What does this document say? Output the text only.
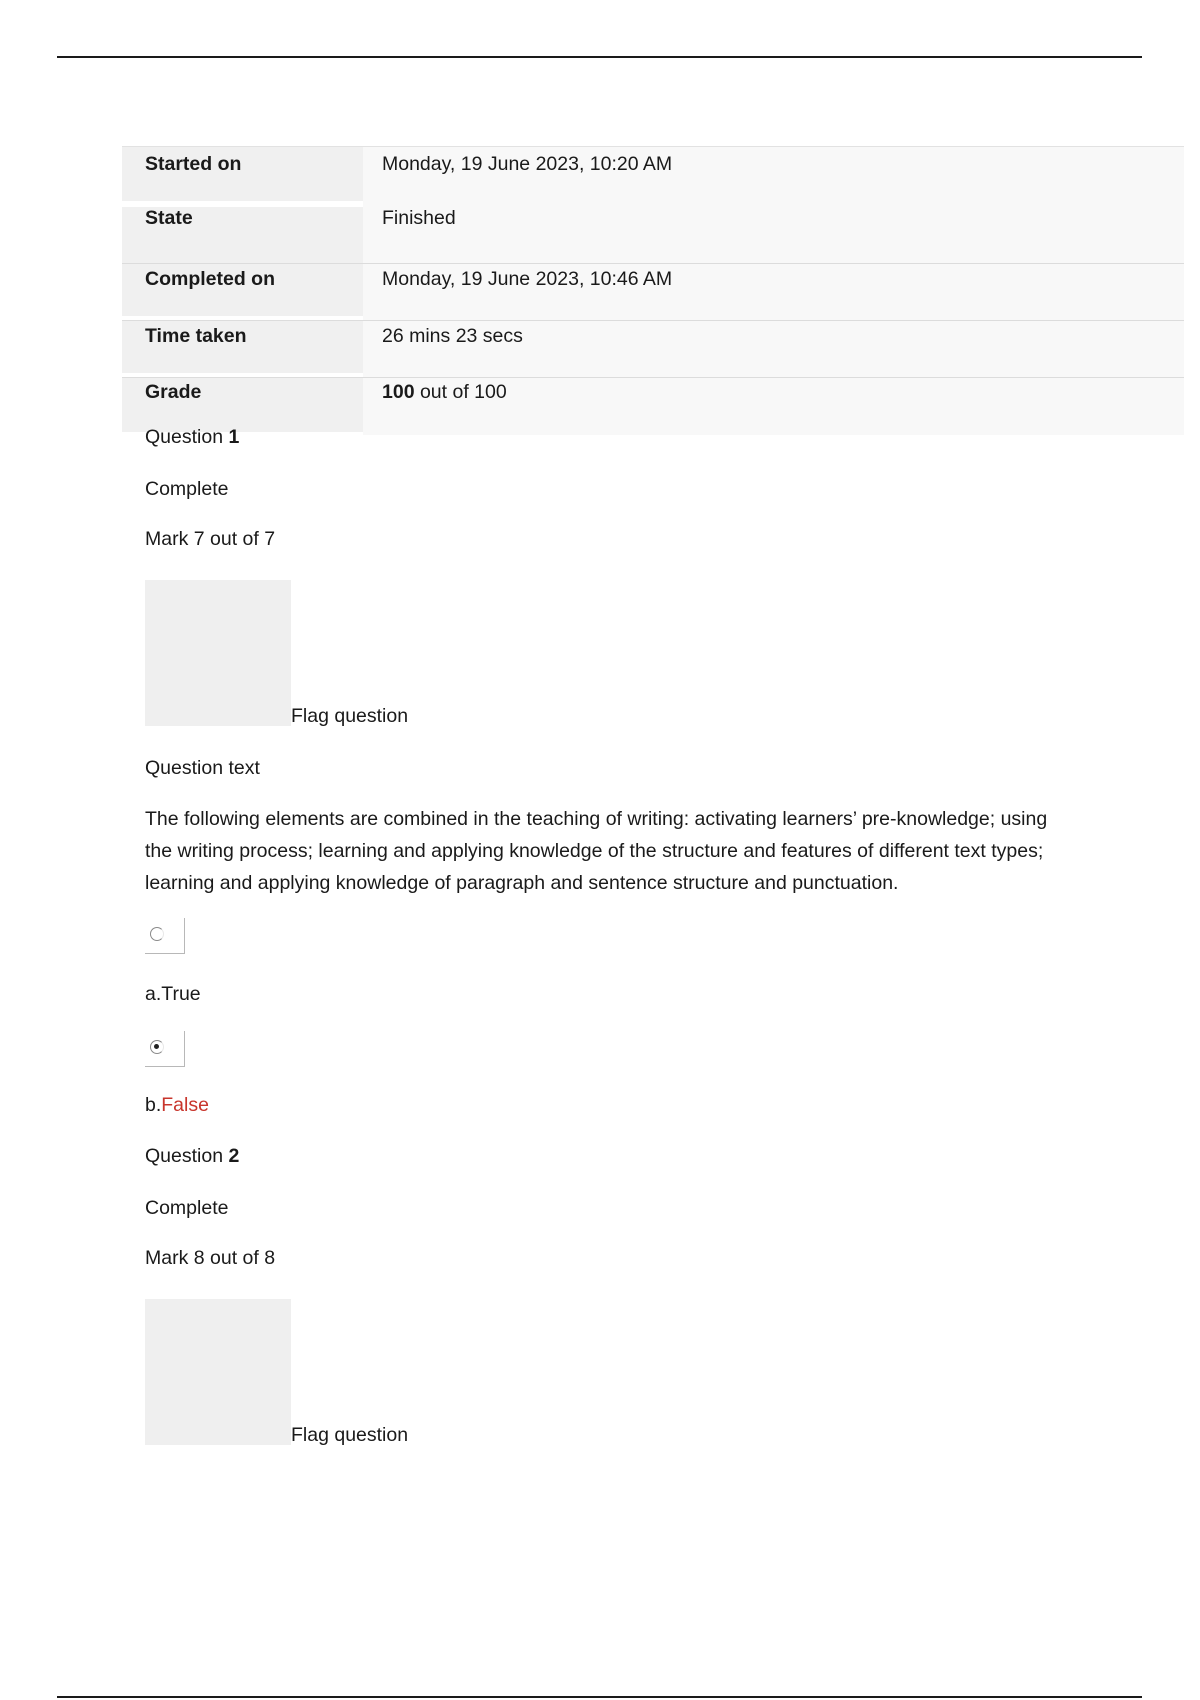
Started on	Monday, 19 June 2023, 10:20 AM
State	Finished
Completed on	Monday, 19 June 2023, 10:46 AM
Time taken	26 mins 23 secs
Grade	100 out of 100
Question 1
Complete
Mark 7 out of 7
Flag question
Question text
The following elements are combined in the teaching of writing: activating learners’ pre-knowledge; using the writing process; learning and applying knowledge of the structure and features of different text types; learning and applying knowledge of paragraph and sentence structure and punctuation.
a.True
b.False
Question 2
Complete
Mark 8 out of 8
Flag question
